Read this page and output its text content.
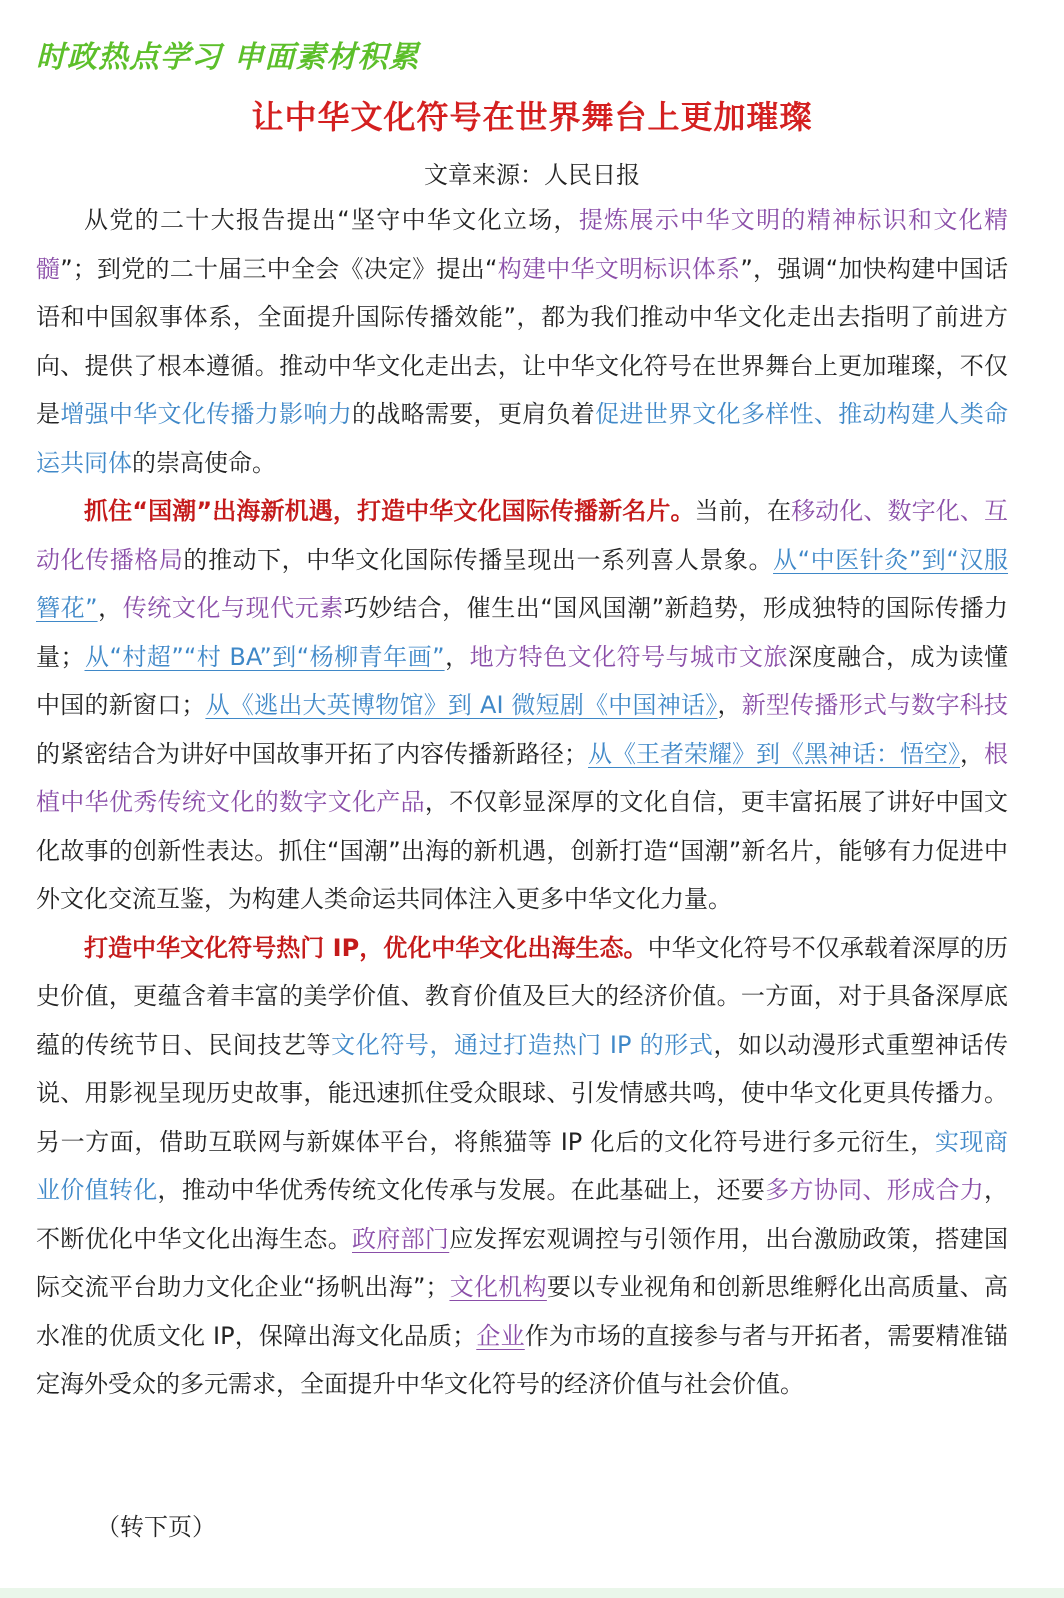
时政热点学习 申面素材积累
让中华文化符号在世界舞台上更加璀璨
文章来源：人民日报

从党的二十大报告提出“坚守中华文化立场，提炼展示中华文明的精神标识和文化精髓”；到党的二十届三中全会《决定》提出“构建中华文明标识体系”，强调“加快构建中国话语和中国叙事体系，全面提升国际传播效能”，都为我们推动中华文化走出去指明了前进方向、提供了根本遵循。推动中华文化走出去，让中华文化符号在世界舞台上更加璀璨，不仅是增强中华文化传播力影响力的战略需要，更肩负着促进世界文化多样性、推动构建人类命运共同体的崇高使命。

抓住“国潮”出海新机遇，打造中华文化国际传播新名片。当前，在移动化、数字化、互动化传播格局的推动下，中华文化国际传播呈现出一系列喜人景象。从“中医针灸”到“汉服簪花”，传统文化与现代元素巧妙结合，催生出“国风国潮”新趋势，形成独特的国际传播力量；从“村超”“村 BA”到“杨柳青年画”，地方特色文化符号与城市文旅深度融合，成为读懂中国的新窗口；从《逃出大英博物馆》到 AI 微短剧《中国神话》，新型传播形式与数字科技的紧密结合为讲好中国故事开拓了内容传播新路径；从《王者荣耀》到《黑神话：悟空》，根植中华优秀传统文化的数字文化产品，不仅彰显深厚的文化自信，更丰富拓展了讲好中国文化故事的创新性表达。抓住“国潮”出海的新机遇，创新打造“国潮”新名片，能够有力促进中外文化交流互鉴，为构建人类命运共同体注入更多中华文化力量。

打造中华文化符号热门 IP，优化中华文化出海生态。中华文化符号不仅承载着深厚的历史价值，更蕴含着丰富的美学价值、教育价值及巨大的经济价值。一方面，对于具备深厚底蕴的传统节日、民间技艺等文化符号，通过打造热门 IP 的形式，如以动漫形式重塑神话传说、用影视呈现历史故事，能迅速抓住受众眼球、引发情感共鸣，使中华文化更具传播力。另一方面，借助互联网与新媒体平台，将熊猫等 IP 化后的文化符号进行多元衍生，实现商业价值转化，推动中华优秀传统文化传承与发展。在此基础上，还要多方协同、形成合力，不断优化中华文化出海生态。政府部门应发挥宏观调控与引领作用，出台激励政策，搭建国际交流平台助力文化企业“扬帆出海”；文化机构要以专业视角和创新思维孵化出高质量、高水准的优质文化 IP，保障出海文化品质；企业作为市场的直接参与者与开拓者，需要精准锚定海外受众的多元需求，全面提升中华文化符号的经济价值与社会价值。

（转下页）
